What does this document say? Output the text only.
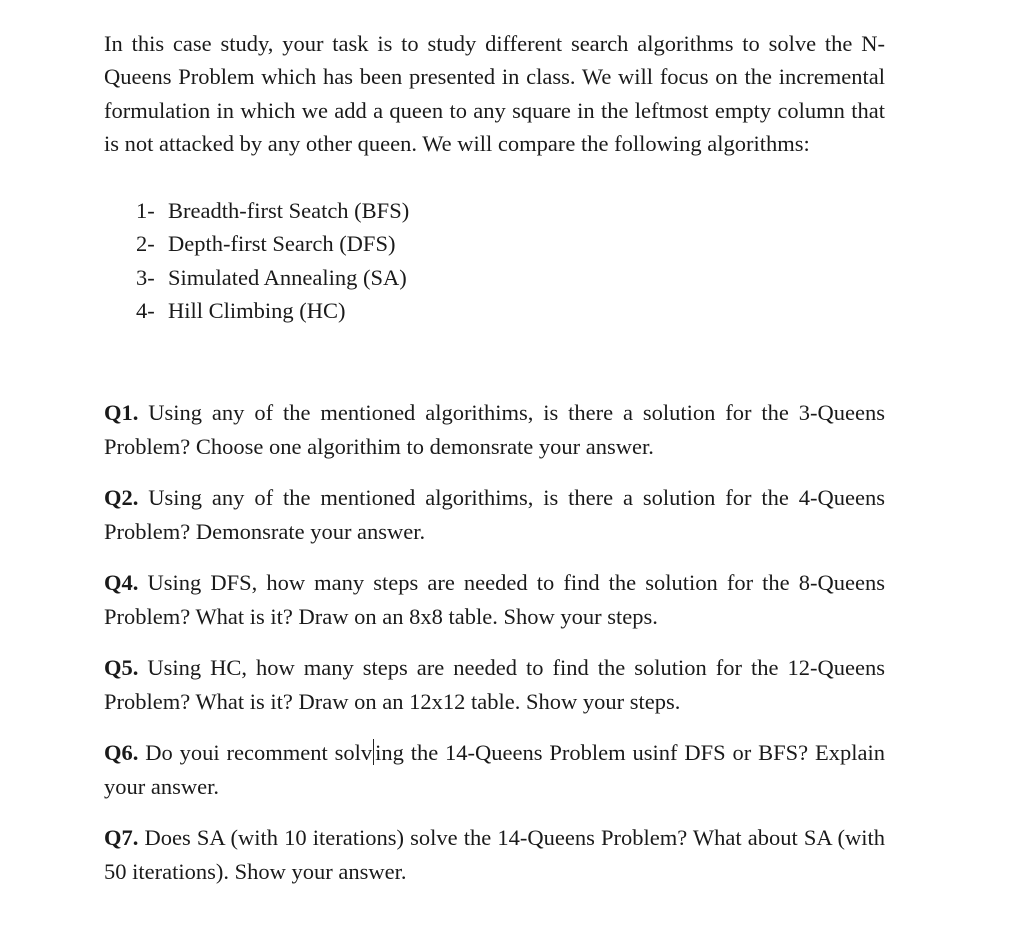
In this case study, your task is to study different search algorithms to solve the N-Queens Problem which has been presented in class. We will focus on the incremental formulation in which we add a queen to any square in the leftmost empty column that is not attacked by any other queen. We will compare the following algorithms:

1- Breadth-first Seatch (BFS)
2- Depth-first Search (DFS)
3- Simulated Annealing (SA)
4- Hill Climbing (HC)

Q1. Using any of the mentioned algorithims, is there a solution for the 3-Queens Problem? Choose one algorithim to demonsrate your answer.

Q2. Using any of the mentioned algorithims, is there a solution for the 4-Queens Problem? Demonsrate your answer.

Q4. Using DFS, how many steps are needed to find the solution for the 8-Queens Problem? What is it? Draw on an 8x8 table. Show your steps.

Q5. Using HC, how many steps are needed to find the solution for the 12-Queens Problem? What is it? Draw on an 12x12 table. Show your steps.

Q6. Do youi recomment solv ing the 14-Queens Problem usinf DFS or BFS? Explain your answer.

Q7. Does SA (with 10 iterations) solve the 14-Queens Problem? What about SA (with 50 iterations). Show your answer.
